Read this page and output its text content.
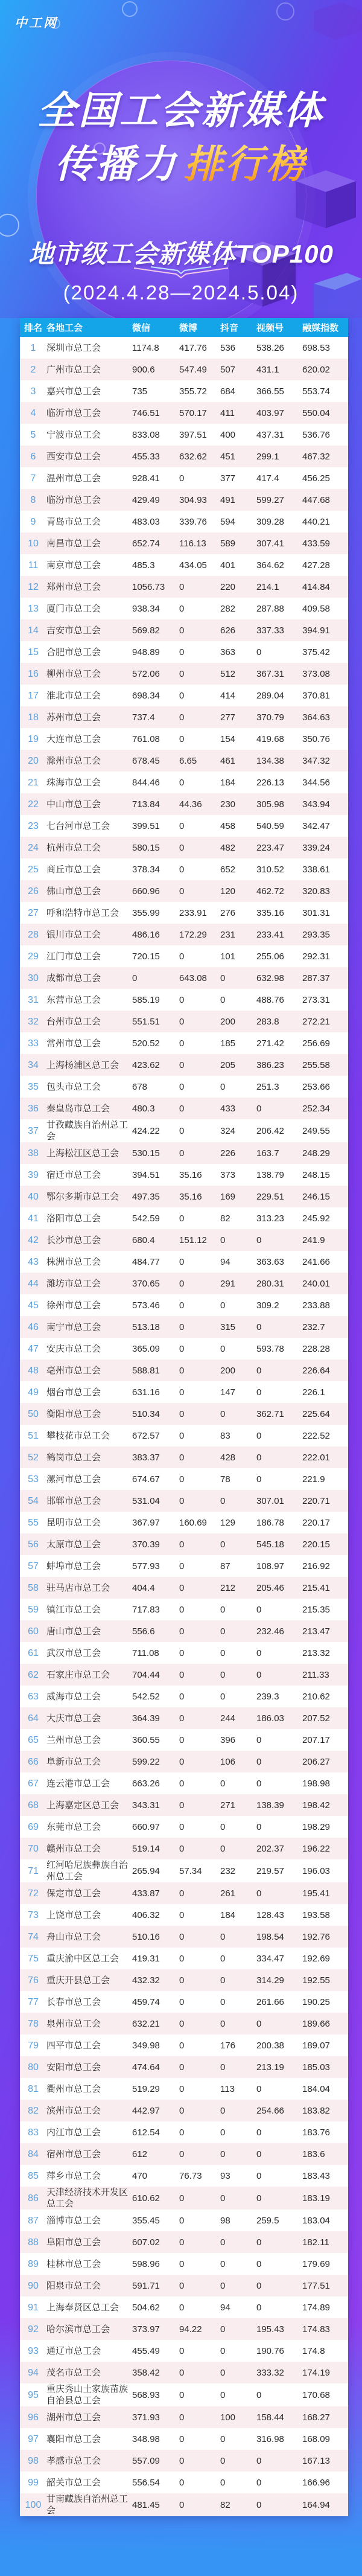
中工网
全国工会新媒体
传播力 排行榜
地市级工会新媒体TOP100
(2024.4.28—2024.5.04)
排名 各地工会	微信	微博	抖音	视频号	融媒指数
1	深圳市总工会	1174.8	417.76	536	538.26	698.53
2	广州市总工会	900.6	547.49	507	431.1	620.02
3	嘉兴市总工会	735	355.72	684	366.55	553.74
4	临沂市总工会	746.51	570.17	411	403.97	550.04
5	宁波市总工会	833.08	397.51	400	437.31	536.76
6	西安市总工会	455.33	632.62	451	299.1	467.32
7	温州市总工会	928.41	0	377	417.4	456.25
8	临汾市总工会	429.49	304.93	491	599.27	447.68
9	青岛市总工会	483.03	339.76	594	309.28	440.21
10 南昌市总工会	652.74	116.13	589	307.41	433.59
11 南京市总工会	485.3	434.05	401	364.62	427.28
12 郑州市总工会	1056.73	0	220	214.1	414.84
13 厦门市总工会	938.34	0	282	287.88	409.58
14 吉安市总工会	569.82	0	626	337.33	394.91
15 合肥市总工会	948.89	0	363	0	375.42
16 柳州市总工会	572.06	0	512	367.31	373.08
17 淮北市总工会	698.34	0	414	289.04	370.81
18 苏州市总工会	737.4	0	277	370.79	364.63
19 大连市总工会	761.08	0	154	419.68	350.76
20 滁州市总工会	678.45	6.65	461	134.38	347.32
21 珠海市总工会	844.46	0	184	226.13	344.56
22 中山市总工会	713.84	44.36	230	305.98	343.94
23 七台河市总工会	399.51	0	458	540.59	342.47
24 杭州市总工会	580.15	0	482	223.47	339.24
25 商丘市总工会	378.34	0	652	310.52	338.61
26 佛山市总工会	660.96	0	120	462.72	320.83
27 呼和浩特市总工会	355.99	233.91	276	335.16	301.31
28 银川市总工会	486.16	172.29	231	233.41	293.35
29 江门市总工会	720.15	0	101	255.06	292.31
30 成都市总工会	0	643.08	0	632.98	287.37
31 东营市总工会	585.19	0	0	488.76	273.31
32 台州市总工会	551.51	0	200	283.8	272.21
33 常州市总工会	520.52	0	185	271.42	256.69
34 上海杨浦区总工会	423.62	0	205	386.23	255.58
35 包头市总工会	678	0	0	251.3	253.66
36 秦皇岛市总工会	480.3	0	433	0	252.34
37
甘孜藏族自治州总工会
424.22	0	324	206.42	249.55
38 上海松江区总工会	530.15	0	226	163.7	248.29
39 宿迁市总工会	394.51	35.16	373	138.79	248.15
40 鄂尔多斯市总工会	497.35	35.16	169	229.51	246.15
41 洛阳市总工会	542.59	0	82	313.23	245.92
42 长沙市总工会	680.4	151.12	0	0	241.9
43 株洲市总工会	484.77	0	94	363.63	241.66
44 潍坊市总工会	370.65	0	291	280.31	240.01
45 徐州市总工会	573.46	0	0	309.2	233.88
46 南宁市总工会	513.18	0	315	0	232.7
47 安庆市总工会	365.09	0	0	593.78	228.28
48 亳州市总工会	588.81	0	200	0	226.64
49 烟台市总工会	631.16	0	147	0	226.1
50 衡阳市总工会	510.34	0	0	362.71	225.64
51 攀枝花市总工会	672.57	0	83	0	222.52
52 鹤岗市总工会	383.37	0	428	0	222.01
53 漯河市总工会	674.67	0	78	0	221.9
54 邯郸市总工会	531.04	0	0	307.01	220.71
55 昆明市总工会	367.97	160.69	129	186.78	220.17
56 太原市总工会	370.39	0	0	545.18	220.15
57 蚌埠市总工会	577.93	0	87	108.97	216.92
58 驻马店市总工会	404.4	0	212	205.46	215.41
59 镇江市总工会	717.83	0	0	0	215.35
60 唐山市总工会	556.6	0	0	232.46	213.47
61 武汉市总工会	711.08	0	0	0	213.32
62 石家庄市总工会	704.44	0	0	0	211.33
63 威海市总工会	542.52	0	0	239.3	210.62
64 大庆市总工会	364.39	0	244	186.03	207.52
65 兰州市总工会	360.55	0	396	0	207.17
66 阜新市总工会	599.22	0	106	0	206.27
67 连云港市总工会	663.26	0	0	0	198.98
68 上海嘉定区总工会	343.31	0	271	138.39	198.42
69 东莞市总工会	660.97	0	0	0	198.29
70 赣州市总工会	519.14	0	0	202.37	196.22
71
红河哈尼族彝族自治州总工会
265.94	57.34	232	219.57	196.03
72 保定市总工会	433.87	0	261	0	195.41
73 上饶市总工会	406.32	0	184	128.43	193.58
74 舟山市总工会	510.16	0	0	198.54	192.76
75 重庆渝中区总工会	419.31	0	0	334.47	192.69
76 重庆开县总工会	432.32	0	0	314.29	192.55
77 长春市总工会	459.74	0	0	261.66	190.25
78 泉州市总工会	632.21	0	0	0	189.66
79 四平市总工会	349.98	0	176	200.38	189.07
80 安阳市总工会	474.64	0	0	213.19	185.03
81 衢州市总工会	519.29	0	113	0	184.04
82 滨州市总工会	442.97	0	0	254.66	183.82
83 内江市总工会	612.54	0	0	0	183.76
84 宿州市总工会	612	0	0	0	183.6
85 萍乡市总工会	470	76.73	93	0	183.43
86
天津经济技术开发区总工会
610.62	0	0	0	183.19
87 淄博市总工会	355.45	0	98	259.5	183.04
88 阜阳市总工会	607.02	0	0	0	182.11
89 桂林市总工会	598.96	0	0	0	179.69
90 阳泉市总工会	591.71	0	0	0	177.51
91 上海奉贤区总工会	504.62	0	94	0	174.89
92 哈尔滨市总工会	373.97	94.22	0	195.43	174.83
93 通辽市总工会	455.49	0	0	190.76	174.8
94 茂名市总工会	358.42	0	0	333.32	174.19
95
重庆秀山土家族苗族自治县总工会
568.93	0	0	0	170.68
96 湖州市总工会	371.93	0	100	158.44	168.27
97 襄阳市总工会	348.98	0	0	316.98	168.09
98 孝感市总工会	557.09	0	0	0	167.13
99 韶关市总工会	556.54	0	0	0	166.96
100
甘南藏族自治州总工会
481.45	0	82	0	164.94
